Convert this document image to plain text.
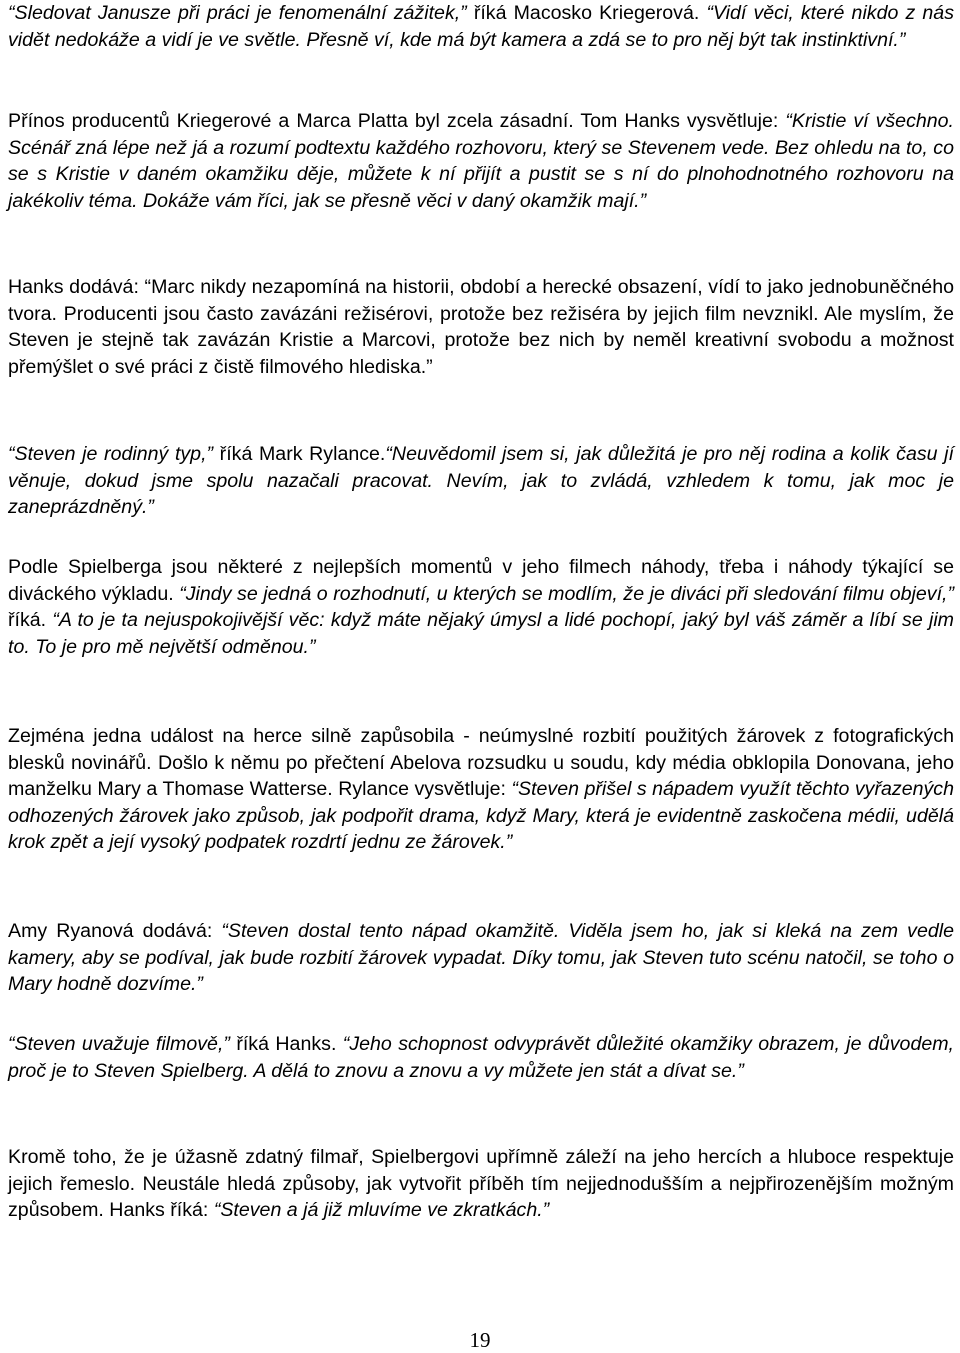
“Sledovat Janusze při práci je fenomenální zážitek,” říká Macosko Kriegerová. “Vidí věci, které nikdo z nás vidět nedokáže a vidí je ve světle. Přesně ví, kde má být kamera a zdá se to pro něj být tak instinktivní.”

Přínos producentů Kriegerové a Marca Platta byl zcela zásadní. Tom Hanks vysvětluje: “Kristie ví všechno. Scénář zná lépe než já a rozumí podtextu každého rozhovoru, který se Stevenem vede. Bez ohledu na to, co se s Kristie v daném okamžiku děje, můžete k ní přijít a pustit se s ní do plnohodnotného rozhovoru na jakékoliv téma. Dokáže vám říci, jak se přesně věci v daný okamžik mají.”

Hanks dodává: “Marc nikdy nezapomíná na historii, období a herecké obsazení, vídí to jako jednobuněčného tvora. Producenti jsou často zavázáni režisérovi, protože bez režiséra by jejich film nevznikl. Ale myslím, že Steven je stejně tak zavázán Kristie a Marcovi, protože bez nich by neměl kreativní svobodu a možnost přemýšlet o své práci z čistě filmového hlediska.”

“Steven je rodinný typ,” říká Mark Rylance.“Neuvědomil jsem si, jak důležitá je pro něj rodina a kolik času jí věnuje, dokud jsme spolu nazačali pracovat. Nevím, jak to zvládá, vzhledem k tomu, jak moc je zaneprázdněný.”

Podle Spielberga jsou některé z nejlepších momentů v jeho filmech náhody, třeba i náhody týkající se diváckého výkladu. “Jindy se jedná o rozhodnutí, u kterých se modlím, že je diváci při sledování filmu objeví,” říká. “A to je ta nejuspokojivější věc: když máte nějaký úmysl a lidé pochopí, jaký byl váš záměr a líbí se jim to. To je pro mě největší odměnou.”

Zejména jedna událost na herce silně zapůsobila - neúmyslné rozbití použitých žárovek z fotografických blesků novinářů. Došlo k němu po přečtení Abelova rozsudku u soudu, kdy média obklopila Donovana, jeho manželku Mary a Thomase Watterse. Rylance vysvětluje: “Steven přišel s nápadem využít těchto vyřazených odhozených žárovek jako způsob, jak podpořit drama, když Mary, která je evidentně zaskočena médii, udělá krok zpět a její vysoký podpatek rozdrtí jednu ze žárovek.”

Amy Ryanová dodává: “Steven dostal tento nápad okamžitě. Viděla jsem ho, jak si kleká na zem vedle kamery, aby se podíval, jak bude rozbití žárovek vypadat. Díky tomu, jak Steven tuto scénu natočil, se toho o Mary hodně dozvíme.”

“Steven uvažuje filmově,” říká Hanks. “Jeho schopnost odvyprávět důležité okamžiky obrazem, je důvodem, proč je to Steven Spielberg. A dělá to znovu a znovu a vy můžete jen stát a dívat se.”

Kromě toho, že je úžasně zdatný filmař, Spielbergovi upřímně záleží na jeho hercích a hluboce respektuje jejich řemeslo. Neustále hledá způsoby, jak vytvořit příběh tím nejjednodušším a nejpřirozenějším možným způsobem. Hanks říká: “Steven a já již mluvíme ve zkratkách.”

19
